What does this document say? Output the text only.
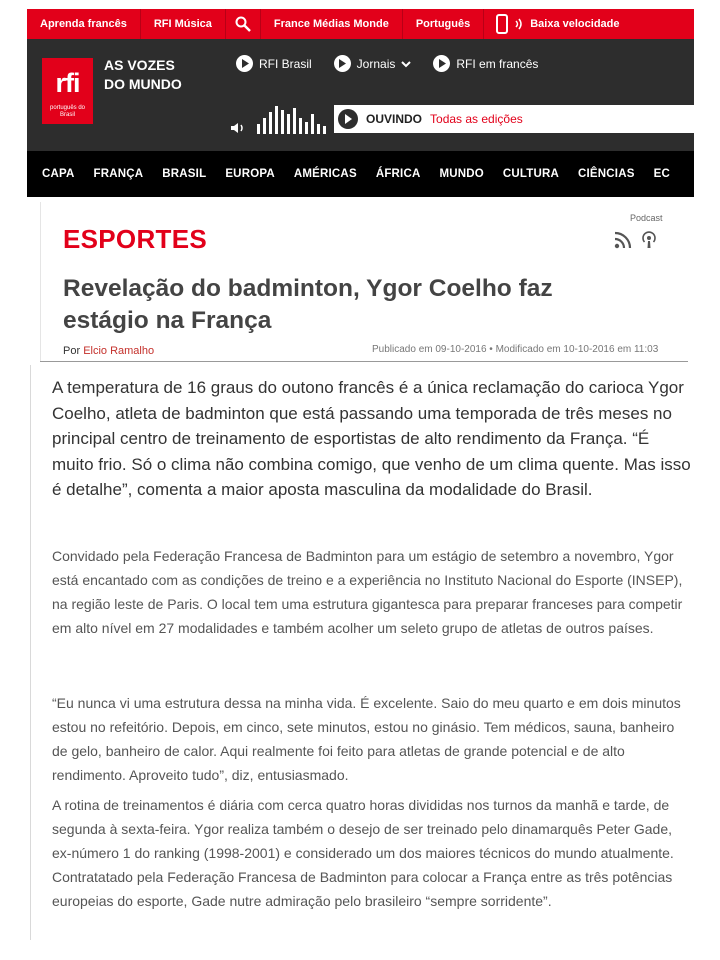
Aprenda francês	RFI Música	France Médias Monde	Português	Baixa velocidade
rfi
português do Brasil
AS VOZES
DO MUNDO
RFI Brasil	Jornais	RFI em francês
OUVINDO Todas as edições
CAPA	FRANÇA	BRASIL	EUROPA	AMÉRICAS	ÁFRICA	MUNDO	CULTURA	CIÊNCIAS	EC
ESPORTES
Podcast
Revelação do badminton, Ygor Coelho faz estágio na França
Por Elcio Ramalho	Publicado em 09-10-2016 • Modificado em 10-10-2016 em 11:03
A temperatura de 16 graus do outono francês é a única reclamação do carioca Ygor Coelho, atleta de badminton que está passando uma temporada de três meses no principal centro de treinamento de esportistas de alto rendimento da França. “É muito frio. Só o clima não combina comigo, que venho de um clima quente. Mas isso é detalhe”, comenta a maior aposta masculina da modalidade do Brasil.
Convidado pela Federação Francesa de Badminton para um estágio de setembro a novembro, Ygor está encantado com as condições de treino e a experiência no Instituto Nacional do Esporte (INSEP), na região leste de Paris. O local tem uma estrutura gigantesca para preparar franceses para competir em alto nível em 27 modalidades e também acolher um seleto grupo de atletas de outros países.
“Eu nunca vi uma estrutura dessa na minha vida. É excelente. Saio do meu quarto e em dois minutos estou no refeitório. Depois, em cinco, sete minutos, estou no ginásio. Tem médicos, sauna, banheiro de gelo, banheiro de calor. Aqui realmente foi feito para atletas de grande potencial e de alto rendimento. Aproveito tudo”, diz, entusiasmado.
A rotina de treinamentos é diária com cerca quatro horas divididas nos turnos da manhã e tarde, de segunda à sexta-feira. Ygor realiza também o desejo de ser treinado pelo dinamarquês Peter Gade, ex-número 1 do ranking (1998-2001) e considerado um dos maiores técnicos do mundo atualmente. Contratatado pela Federação Francesa de Badminton para colocar a França entre as três potências europeias do esporte, Gade nutre admiração pelo brasileiro “sempre sorridente”.
